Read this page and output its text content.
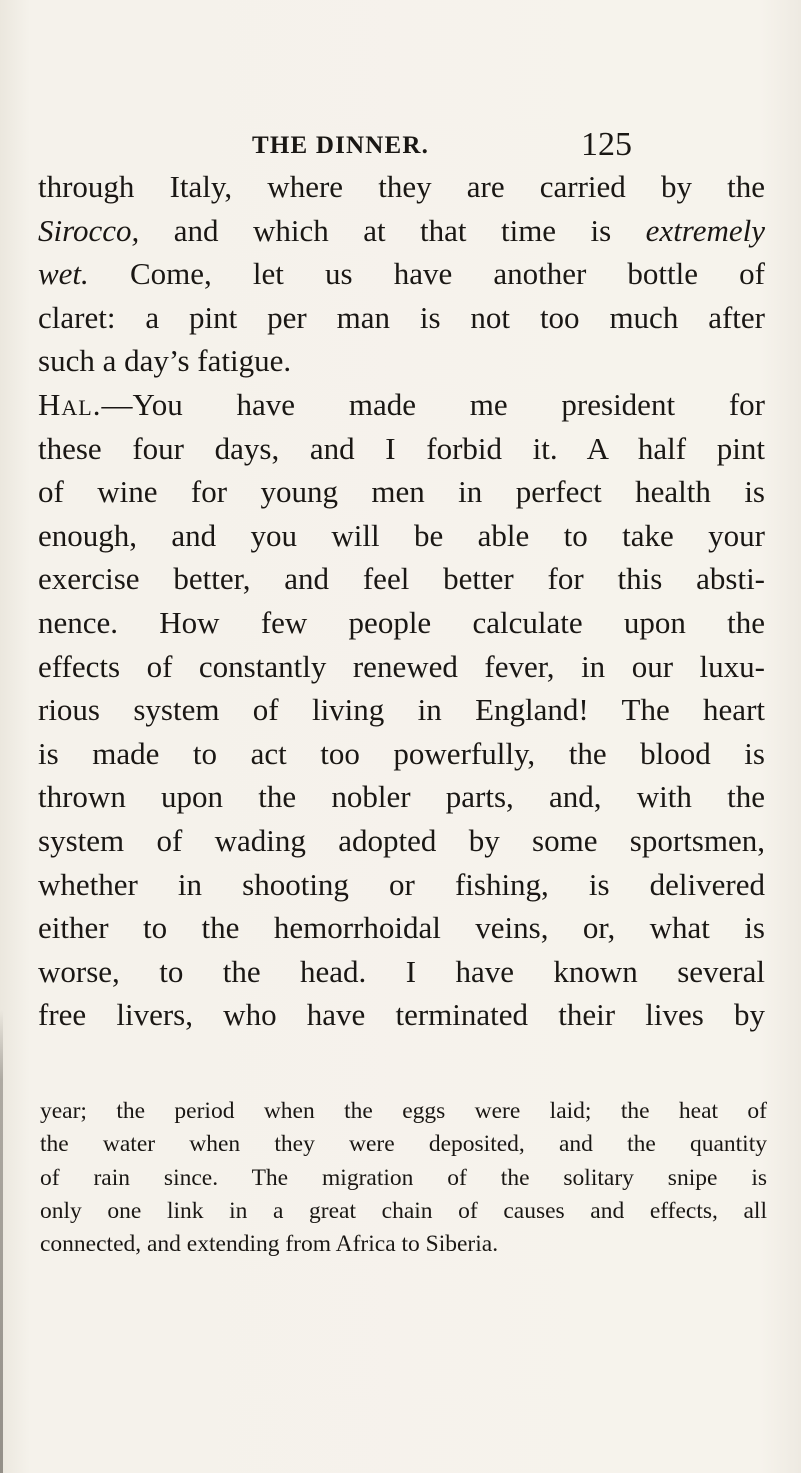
THE DINNER.	125
through Italy, where they are carried by the
Sirocco, and which at that time is extremely
wet. Come, let us have another bottle of
claret: a pint per man is not too much after
such a day’s fatigue.
Hal.—You have made me president for
these four days, and I forbid it. A half pint
of wine for young men in perfect health is
enough, and you will be able to take your
exercise better, and feel better for this absti-
nence. How few people calculate upon the
effects of constantly renewed fever, in our luxu-
rious system of living in England! The heart
is made to act too powerfully, the blood is
thrown upon the nobler parts, and, with the
system of wading adopted by some sportsmen,
whether in shooting or fishing, is delivered
either to the hemorrhoidal veins, or, what is
worse, to the head. I have known several
free livers, who have terminated their lives by
year; the period when the eggs were laid; the heat of
the water when they were deposited, and the quantity
of rain since. The migration of the solitary snipe is
only one link in a great chain of causes and effects, all
connected, and extending from Africa to Siberia.
